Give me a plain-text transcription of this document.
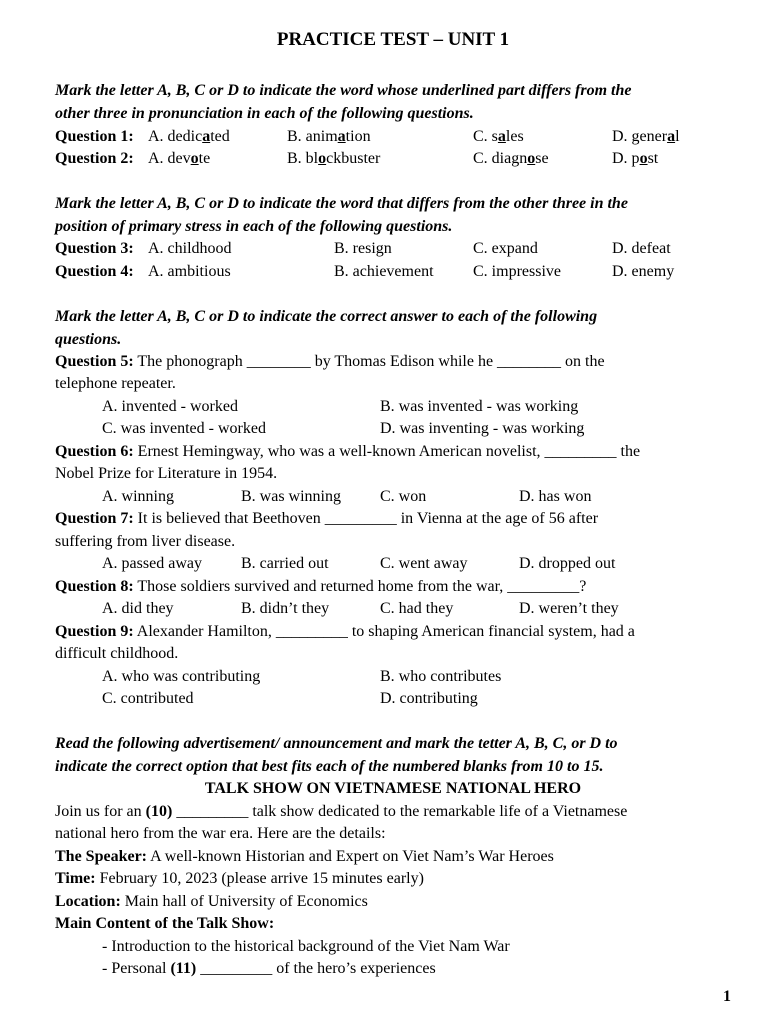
PRACTICE TEST – UNIT 1
Mark the letter A, B, C or D to indicate the word whose underlined part differs from the
other three in pronunciation in each of the following questions.
Question 1: A. dedicated	B. animation	C. sales	D. general
Question 2: A. devote	B. blockbuster	C. diagnose	D. post
Mark the letter A, B, C or D to indicate the word that differs from the other three in the
position of primary stress in each of the following questions.
Question 3: A. childhood	B. resign	C. expand	D. defeat
Question 4: A. ambitious	B. achievement C. impressive	D. enemy
Mark the letter A, B, C or D to indicate the correct answer to each of the following
questions.
Question 5: The phonograph ________ by Thomas Edison while he ________ on the
telephone repeater.
A. invented - worked	B. was invented - was working
C. was invented - worked	D. was inventing - was working
Question 6: Ernest Hemingway, who was a well-known American novelist, _________ the
Nobel Prize for Literature in 1954.
A. winning	B. was winning C. won	D. has won
Question 7: It is believed that Beethoven _________ in Vienna at the age of 56 after
suffering from liver disease.
A. passed away B. carried out	C. went away	D. dropped out
Question 8: Those soldiers survived and returned home from the war, _________?
A. did they	B. didn’t they	C. had they	D. weren’t they
Question 9: Alexander Hamilton, _________ to shaping American financial system, had a
difficult childhood.
A. who was contributing	B. who contributes
C. contributed	D. contributing
Read the following advertisement/ announcement and mark the tetter A, B, C, or D to
indicate the correct option that best fits each of the numbered blanks from 10 to 15.
TALK SHOW ON VIETNAMESE NATIONAL HERO
Join us for an (10) _________ talk show dedicated to the remarkable life of a Vietnamese
national hero from the war era. Here are the details:
The Speaker: A well-known Historian and Expert on Viet Nam’s War Heroes
Time: February 10, 2023 (please arrive 15 minutes early)
Location: Main hall of University of Economics
Main Content of the Talk Show:
- Introduction to the historical background of the Viet Nam War
- Personal (11) _________ of the hero’s experiences
1
